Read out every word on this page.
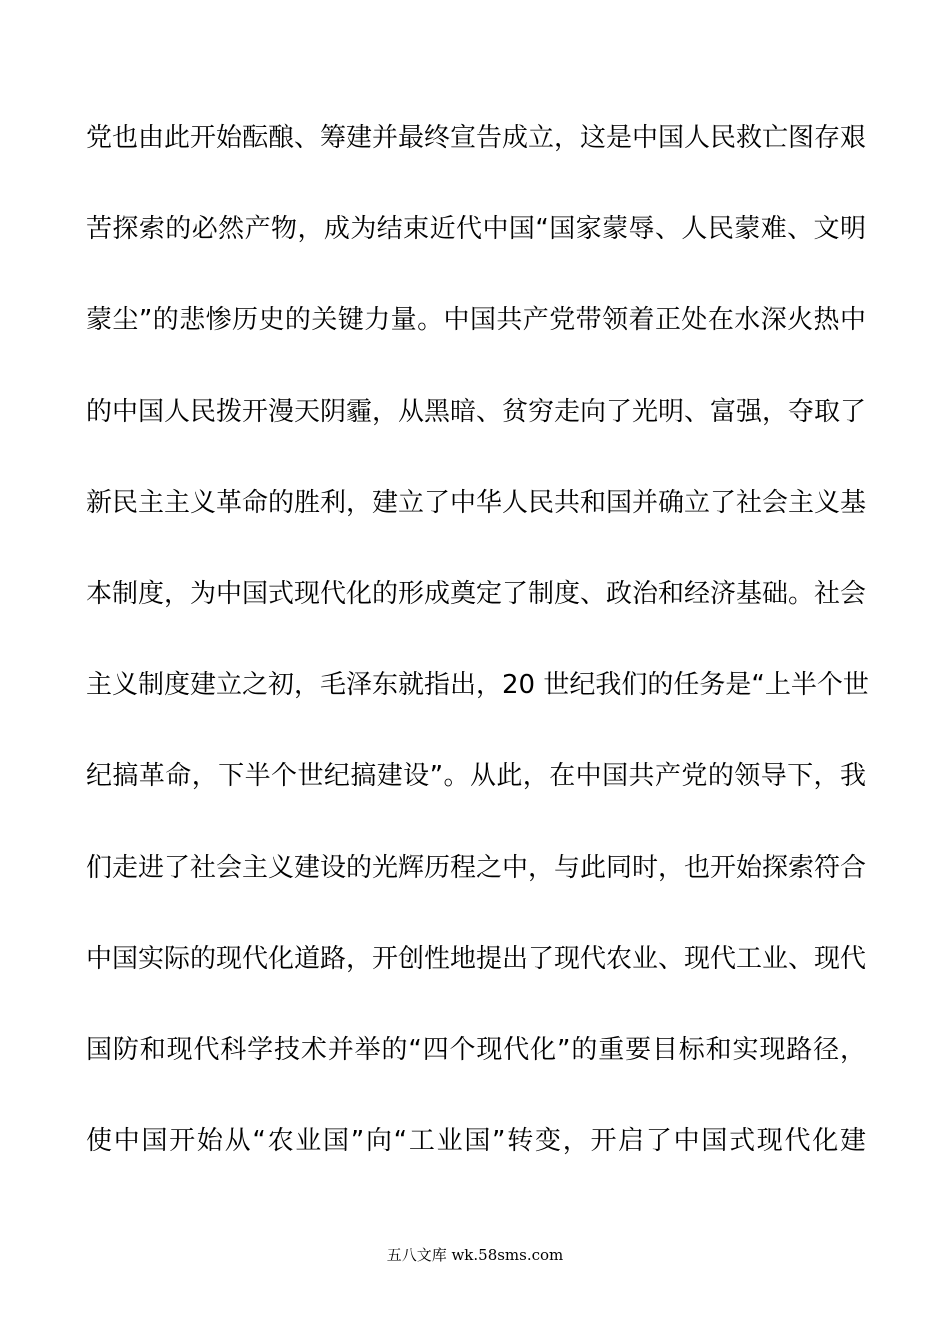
党也由此开始酝酿、筹建并最终宣告成立，这是中国人民救亡图存艰
苦探索的必然产物，成为结束近代中国“国家蒙辱、人民蒙难、文明
蒙尘”的悲惨历史的关键力量。中国共产党带领着正处在水深火热中
的中国人民拨开漫天阴霾，从黑暗、贫穷走向了光明、富强，夺取了
新民主主义革命的胜利，建立了中华人民共和国并确立了社会主义基
本制度，为中国式现代化的形成奠定了制度、政治和经济基础。社会
主义制度建立之初，毛泽东就指出，20 世纪我们的任务是“上半个世
纪搞革命，下半个世纪搞建设”。从此，在中国共产党的领导下，我
们走进了社会主义建设的光辉历程之中，与此同时，也开始探索符合
中国实际的现代化道路，开创性地提出了现代农业、现代工业、现代
国防和现代科学技术并举的“四个现代化”的重要目标和实现路径，
使中国开始从“农业国”向“工业国”转变，开启了中国式现代化建
五八文库 wk.58sms.com
